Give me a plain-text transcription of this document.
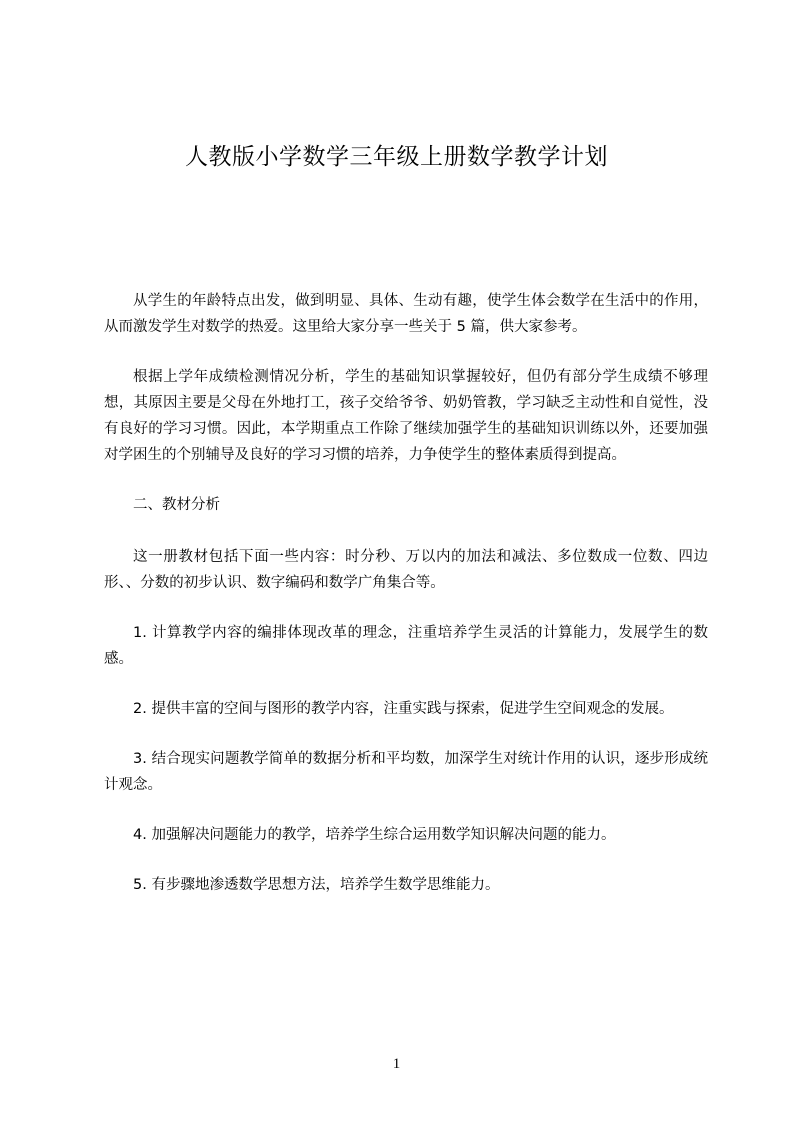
人教版小学数学三年级上册数学教学计划

从学生的年龄特点出发，做到明显、具体、生动有趣，使学生体会数学在生活中的作用，从而激发学生对数学的热爱。这里给大家分享一些关于 5 篇，供大家参考。

根据上学年成绩检测情况分析，学生的基础知识掌握较好，但仍有部分学生成绩不够理想，其原因主要是父母在外地打工，孩子交给爷爷、奶奶管教，学习缺乏主动性和自觉性，没有良好的学习习惯。因此，本学期重点工作除了继续加强学生的基础知识训练以外，还要加强对学困生的个别辅导及良好的学习习惯的培养，力争使学生的整体素质得到提高。

二、教材分析

这一册教材包括下面一些内容：时分秒、万以内的加法和减法、多位数成一位数、四边形、、分数的初步认识、数字编码和数学广角集合等。

1. 计算教学内容的编排体现改革的理念，注重培养学生灵活的计算能力，发展学生的数感。

2. 提供丰富的空间与图形的教学内容，注重实践与探索，促进学生空间观念的发展。

3. 结合现实问题教学简单的数据分析和平均数，加深学生对统计作用的认识，逐步形成统计观念。

4. 加强解决问题能力的教学，培养学生综合运用数学知识解决问题的能力。

5. 有步骤地渗透数学思想方法，培养学生数学思维能力。

1
